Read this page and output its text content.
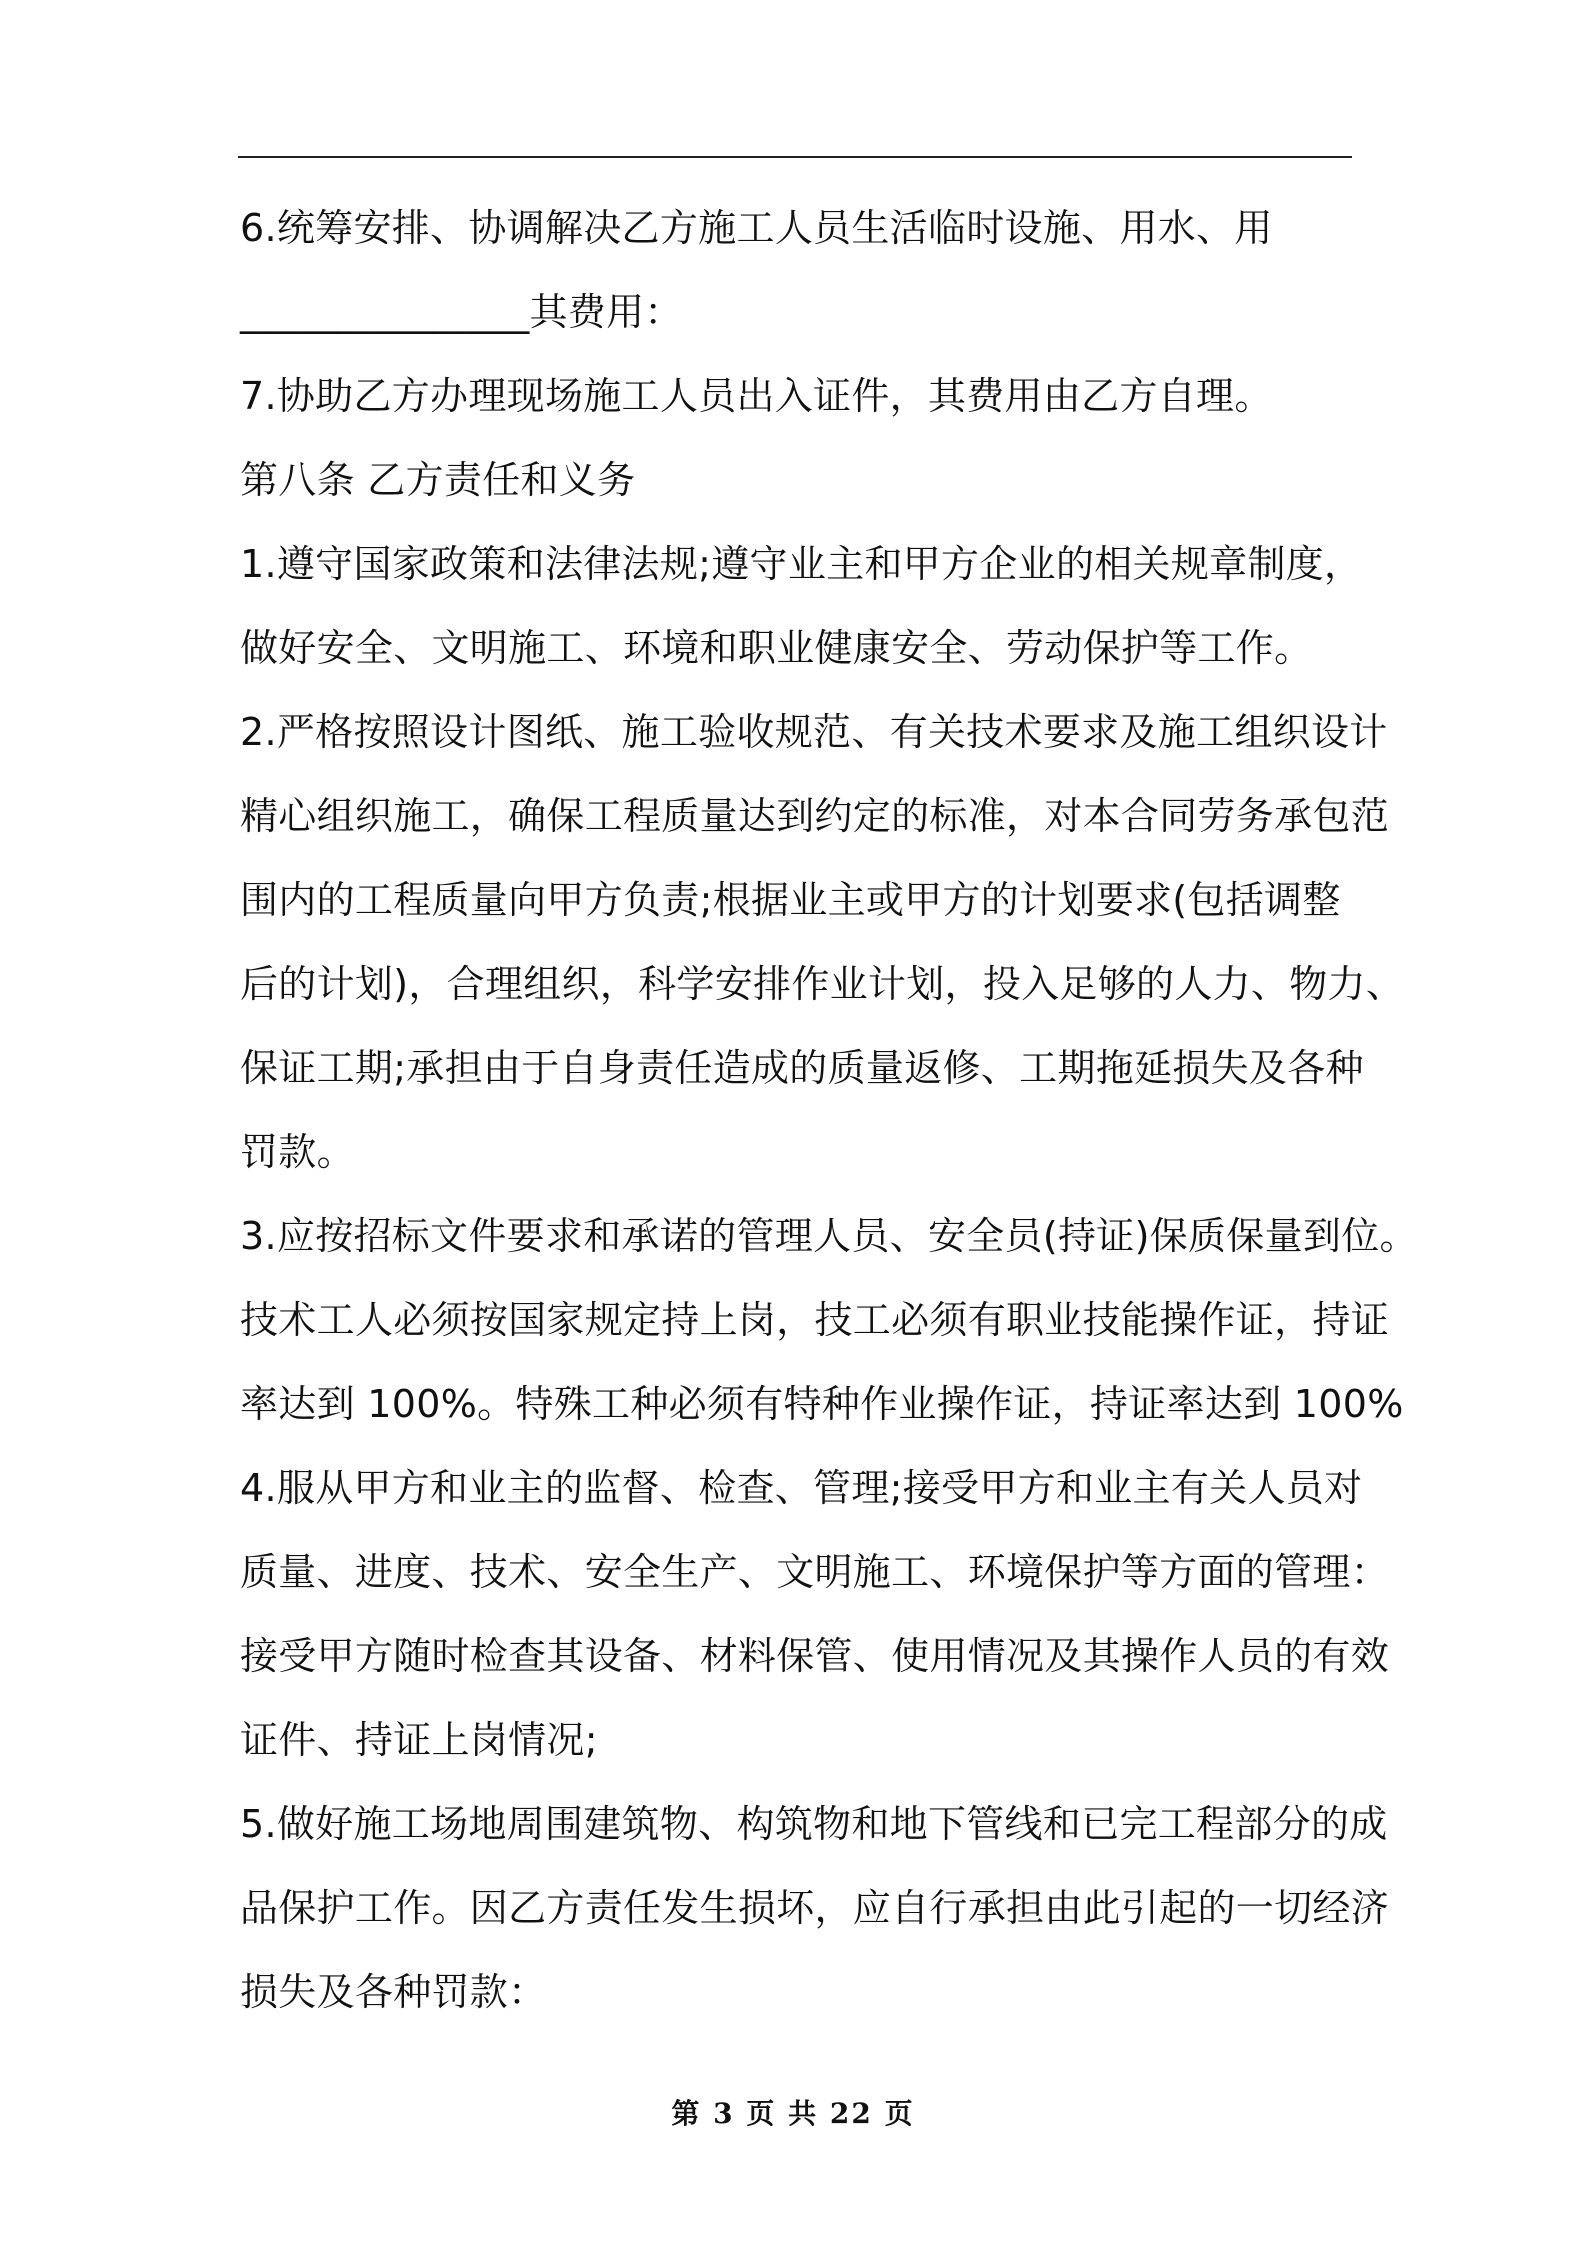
6.统筹安排、协调解决乙方施工人员生活临时设施、用水、用
_______________其费用：
7.协助乙方办理现场施工人员出入证件，其费用由乙方自理。
第八条 乙方责任和义务
1.遵守国家政策和法律法规;遵守业主和甲方企业的相关规章制度，
做好安全、文明施工、环境和职业健康安全、劳动保护等工作。
2.严格按照设计图纸、施工验收规范、有关技术要求及施工组织设计
精心组织施工，确保工程质量达到约定的标准，对本合同劳务承包范
围内的工程质量向甲方负责;根据业主或甲方的计划要求(包括调整
后的计划)，合理组织，科学安排作业计划，投入足够的人力、物力、
保证工期;承担由于自身责任造成的质量返修、工期拖延损失及各种
罚款。
3.应按招标文件要求和承诺的管理人员、安全员(持证)保质保量到位。
技术工人必须按国家规定持上岗，技工必须有职业技能操作证，持证
率达到 100%。特殊工种必须有特种作业操作证，持证率达到 100%
4.服从甲方和业主的监督、检查、管理;接受甲方和业主有关人员对
质量、进度、技术、安全生产、文明施工、环境保护等方面的管理：
接受甲方随时检查其设备、材料保管、使用情况及其操作人员的有效
证件、持证上岗情况;
5.做好施工场地周围建筑物、构筑物和地下管线和已完工程部分的成
品保护工作。因乙方责任发生损坏，应自行承担由此引起的一切经济
损失及各种罚款：
第 3 页 共 22 页
